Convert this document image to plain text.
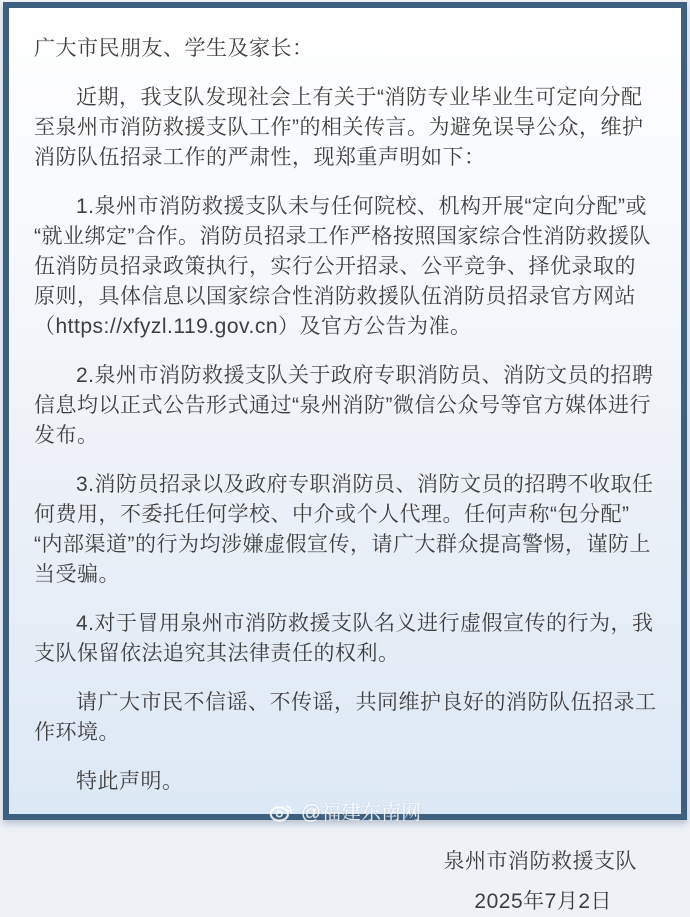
广大市民朋友、学生及家长：

近期，我支队发现社会上有关于“消防专业毕业生可定向分配至泉州市消防救援支队工作”的相关传言。为避免误导公众，维护消防队伍招录工作的严肃性，现郑重声明如下：

1.泉州市消防救援支队未与任何院校、机构开展“定向分配”或“就业绑定”合作。消防员招录工作严格按照国家综合性消防救援队伍消防员招录政策执行，实行公开招录、公平竞争、择优录取的原则，具体信息以国家综合性消防救援队伍消防员招录官方网站（https://xfyzl.119.gov.cn）及官方公告为准。

2.泉州市消防救援支队关于政府专职消防员、消防文员的招聘信息均以正式公告形式通过“泉州消防”微信公众号等官方媒体进行发布。

3.消防员招录以及政府专职消防员、消防文员的招聘不收取任何费用，不委托任何学校、中介或个人代理。任何声称“包分配”“内部渠道”的行为均涉嫌虚假宣传，请广大群众提高警惕，谨防上当受骗。

4.对于冒用泉州市消防救援支队名义进行虚假宣传的行为，我支队保留依法追究其法律责任的权利。

请广大市民不信谣、不传谣，共同维护良好的消防队伍招录工作环境。

特此声明。

泉州市消防救援支队

2025年7月2日

@福建东南网
